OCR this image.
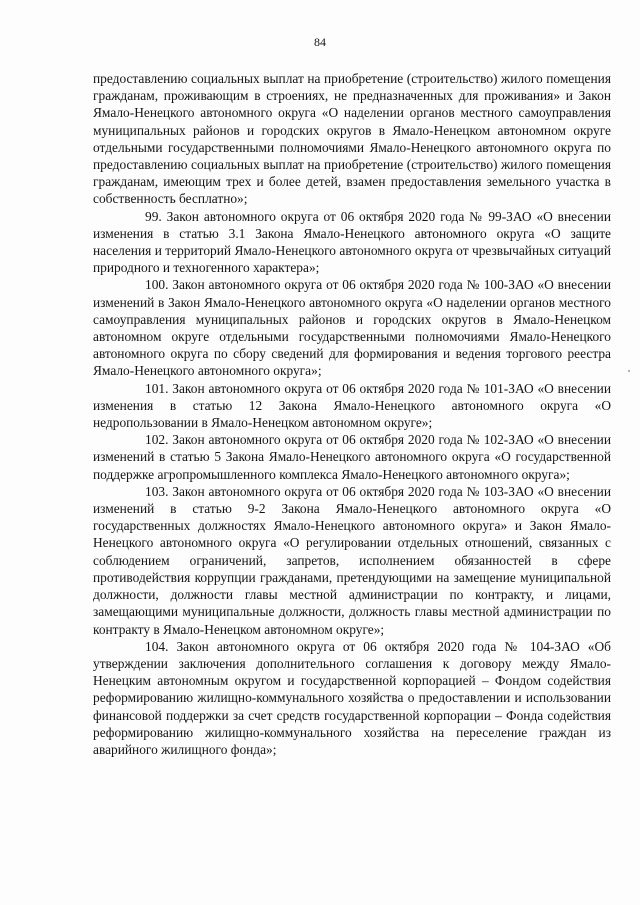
84

предоставлению социальных выплат на приобретение (строительство) жилого помещения гражданам, проживающим в строениях, не предназначенных для проживания» и Закон Ямало-Ненецкого автономного округа «О наделении органов местного самоуправления муниципальных районов и городских округов в Ямало-Ненецком автономном округе отдельными государственными полномочиями Ямало-Ненецкого автономного округа по предоставлению социальных выплат на приобретение (строительство) жилого помещения гражданам, имеющим трех и более детей, взамен предоставления земельного участка в собственность бесплатно»;

99. Закон автономного округа от 06 октября 2020 года № 99-ЗАО «О внесении изменения в статью 3.1 Закона Ямало-Ненецкого автономного округа «О защите населения и территорий Ямало-Ненецкого автономного округа от чрезвычайных ситуаций природного и техногенного характера»;

100. Закон автономного округа от 06 октября 2020 года № 100-ЗАО «О внесении изменений в Закон Ямало-Ненецкого автономного округа «О наделении органов местного самоуправления муниципальных районов и городских округов в Ямало-Ненецком автономном округе отдельными государственными полномочиями Ямало-Ненецкого автономного округа по сбору сведений для формирования и ведения торгового реестра Ямало-Ненецкого автономного округа»;

101. Закон автономного округа от 06 октября 2020 года № 101-ЗАО «О внесении изменения в статью 12 Закона Ямало-Ненецкого автономного округа «О недропользовании в Ямало-Ненецком автономном округе»;

102. Закон автономного округа от 06 октября 2020 года № 102-ЗАО «О внесении изменений в статью 5 Закона Ямало-Ненецкого автономного округа «О государственной поддержке агропромышленного комплекса Ямало-Ненецкого автономного округа»;

103. Закон автономного округа от 06 октября 2020 года № 103-ЗАО «О внесении изменений в статью 9-2 Закона Ямало-Ненецкого автономного округа «О государственных должностях Ямало-Ненецкого автономного округа» и Закон Ямало-Ненецкого автономного округа «О регулировании отдельных отношений, связанных с соблюдением ограничений, запретов, исполнением обязанностей в сфере противодействия коррупции гражданами, претендующими на замещение муниципальной должности, должности главы местной администрации по контракту, и лицами, замещающими муниципальные должности, должность главы местной администрации по контракту в Ямало-Ненецком автономном округе»;

104. Закон автономного округа от 06 октября 2020 года № 104-ЗАО «Об утверждении заключения дополнительного соглашения к договору между Ямало-Ненецким автономным округом и государственной корпорацией – Фондом содействия реформированию жилищно-коммунального хозяйства о предоставлении и использовании финансовой поддержки за счет средств государственной корпорации – Фонда содействия реформированию жилищно-коммунального хозяйства на переселение граждан из аварийного жилищного фонда»;
